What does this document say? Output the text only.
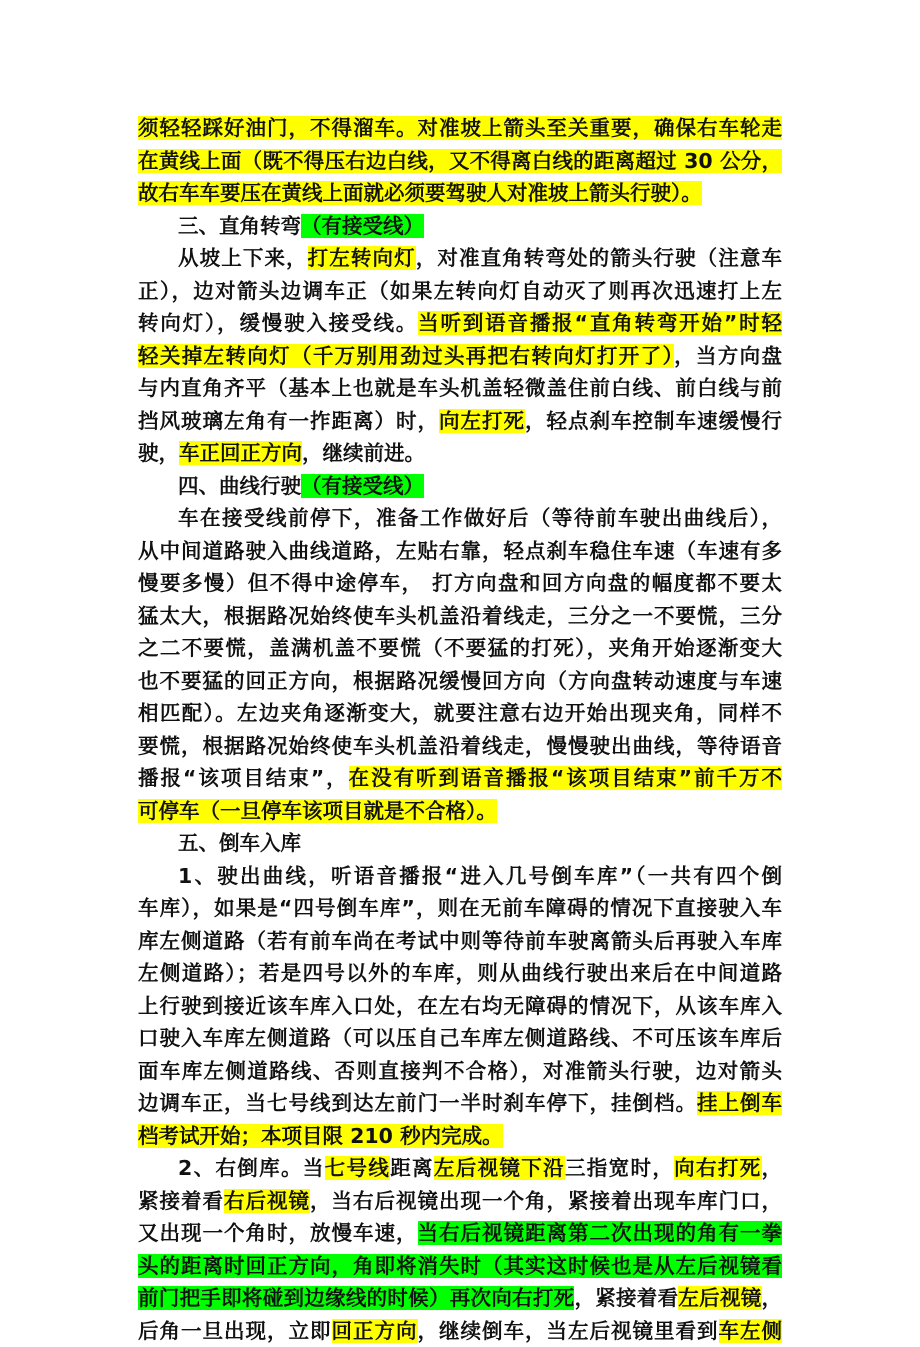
须轻轻踩好油门，不得溜车。对准坡上箭头至关重要，确保右车轮走
在黄线上面（既不得压右边白线，又不得离白线的距离超过 30 公分，
故右车车要压在黄线上面就必须要驾驶人对准坡上箭头行驶）。
三、直角转弯（有接受线）
从坡上下来，打左转向灯，对准直角转弯处的箭头行驶（注意车
正），边对箭头边调车正（如果左转向灯自动灭了则再次迅速打上左
转向灯），缓慢驶入接受线。当听到语音播报“直角转弯开始”时轻
轻关掉左转向灯（千万别用劲过头再把右转向灯打开了），当方向盘
与内直角齐平（基本上也就是车头机盖轻微盖住前白线、前白线与前
挡风玻璃左角有一拃距离）时，向左打死，轻点刹车控制车速缓慢行
驶，车正回正方向，继续前进。
四、曲线行驶（有接受线）
车在接受线前停下，准备工作做好后（等待前车驶出曲线后），
从中间道路驶入曲线道路，左贴右靠，轻点刹车稳住车速（车速有多
慢要多慢）但不得中途停车， 打方向盘和回方向盘的幅度都不要太
猛太大，根据路况始终使车头机盖沿着线走，三分之一不要慌，三分
之二不要慌，盖满机盖不要慌（不要猛的打死），夹角开始逐渐变大
也不要猛的回正方向，根据路况缓慢回方向（方向盘转动速度与车速
相匹配）。左边夹角逐渐变大，就要注意右边开始出现夹角，同样不
要慌，根据路况始终使车头机盖沿着线走，慢慢驶出曲线，等待语音
播报“该项目结束”，在没有听到语音播报“该项目结束”前千万不
可停车（一旦停车该项目就是不合格）。
五、倒车入库
1、驶出曲线，听语音播报“进入几号倒车库”（一共有四个倒
车库），如果是“四号倒车库”，则在无前车障碍的情况下直接驶入车
库左侧道路（若有前车尚在考试中则等待前车驶离箭头后再驶入车库
左侧道路）；若是四号以外的车库，则从曲线行驶出来后在中间道路
上行驶到接近该车库入口处，在左右均无障碍的情况下，从该车库入
口驶入车库左侧道路（可以压自己车库左侧道路线、不可压该车库后
面车库左侧道路线、否则直接判不合格），对准箭头行驶，边对箭头
边调车正，当七号线到达左前门一半时刹车停下，挂倒档。挂上倒车
档考试开始；本项目限 210 秒内完成。
2、右倒库。当七号线距离左后视镜下沿三指宽时，向右打死，
紧接着看右后视镜，当右后视镜出现一个角，紧接着出现车库门口，
又出现一个角时，放慢车速，当右后视镜距离第二次出现的角有一拳
头的距离时回正方向，角即将消失时（其实这时候也是从左后视镜看
前门把手即将碰到边缘线的时候）再次向右打死，紧接着看左后视镜，
后角一旦出现，立即回正方向，继续倒车，当左后视镜里看到车左侧
